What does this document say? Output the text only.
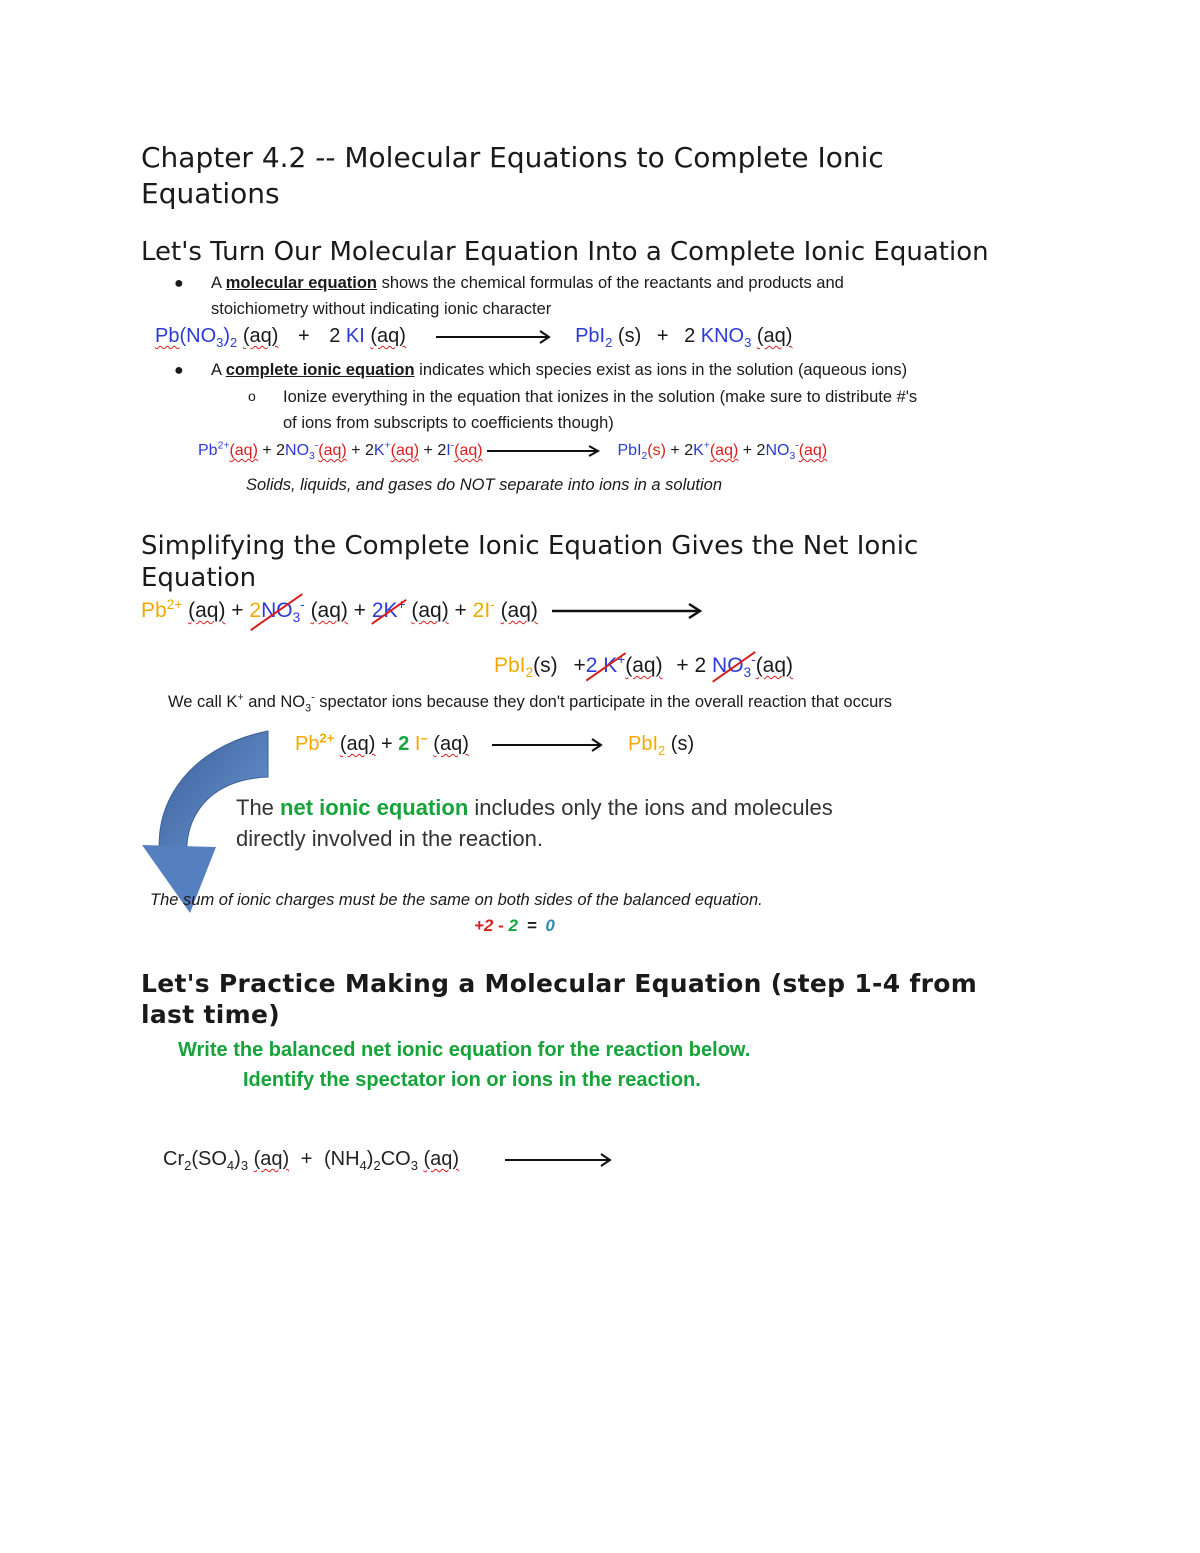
Chapter 4.2 -- Molecular Equations to Complete Ionic Equations
Let's Turn Our Molecular Equation Into a Complete Ionic Equation
● A molecular equation shows the chemical formulas of the reactants and products and
stoichiometry without indicating ionic character
$Pb(NO_3)_2$ (aq) + 2 KI (aq)	PbI$_2$ (s) + 2 $KNO_3$ (aq)
● A complete ionic equation indicates which species exist as ions in the solution (aqueous ions)
o Ionize everything in the equation that ionizes in the solution (make sure to distribute #'s
of ions from subscripts to coefficients though)
$Pb^{2+}(aq) + 2NO_3^-(aq) + 2K^+(aq) + 2I^-(aq)$	$PbI_2(s) + 2K^+(aq) + 2NO_3^-(aq)$
Solids, liquids, and gases do NOT separate into ions in a solution
Simplifying the Complete Ionic Equation Gives the Net Ionic
Equation
$Pb^{2+}$ $(aq) + 2NO_3^-$ (aq) + 2K+ (aq) + 2I- (aq)
PbI$_2$(s) +2 K+(aq) + 2 $NO_3^-(aq)$
We call K+ and $NO_3^-$ spectator ions because they don't participate in the overall reaction that occurs
$Pb^{2+}$ (aq) + 2 I– (aq)	PbI$_2$ (s)
The net ionic equation includes only the ions and molecules
directly involved in the reaction.
The sum of ionic charges must be the same on both sides of the balanced equation.
+2 - 2 = 0
Let's Practice Making a Molecular Equation (step 1-4 from
last time)
Write the balanced net ionic equation for the reaction below.
Identify the spectator ion or ions in the reaction.
$Cr_2(SO_4)_3$ $(aq) + (NH_4)_2CO_3$ (aq)
